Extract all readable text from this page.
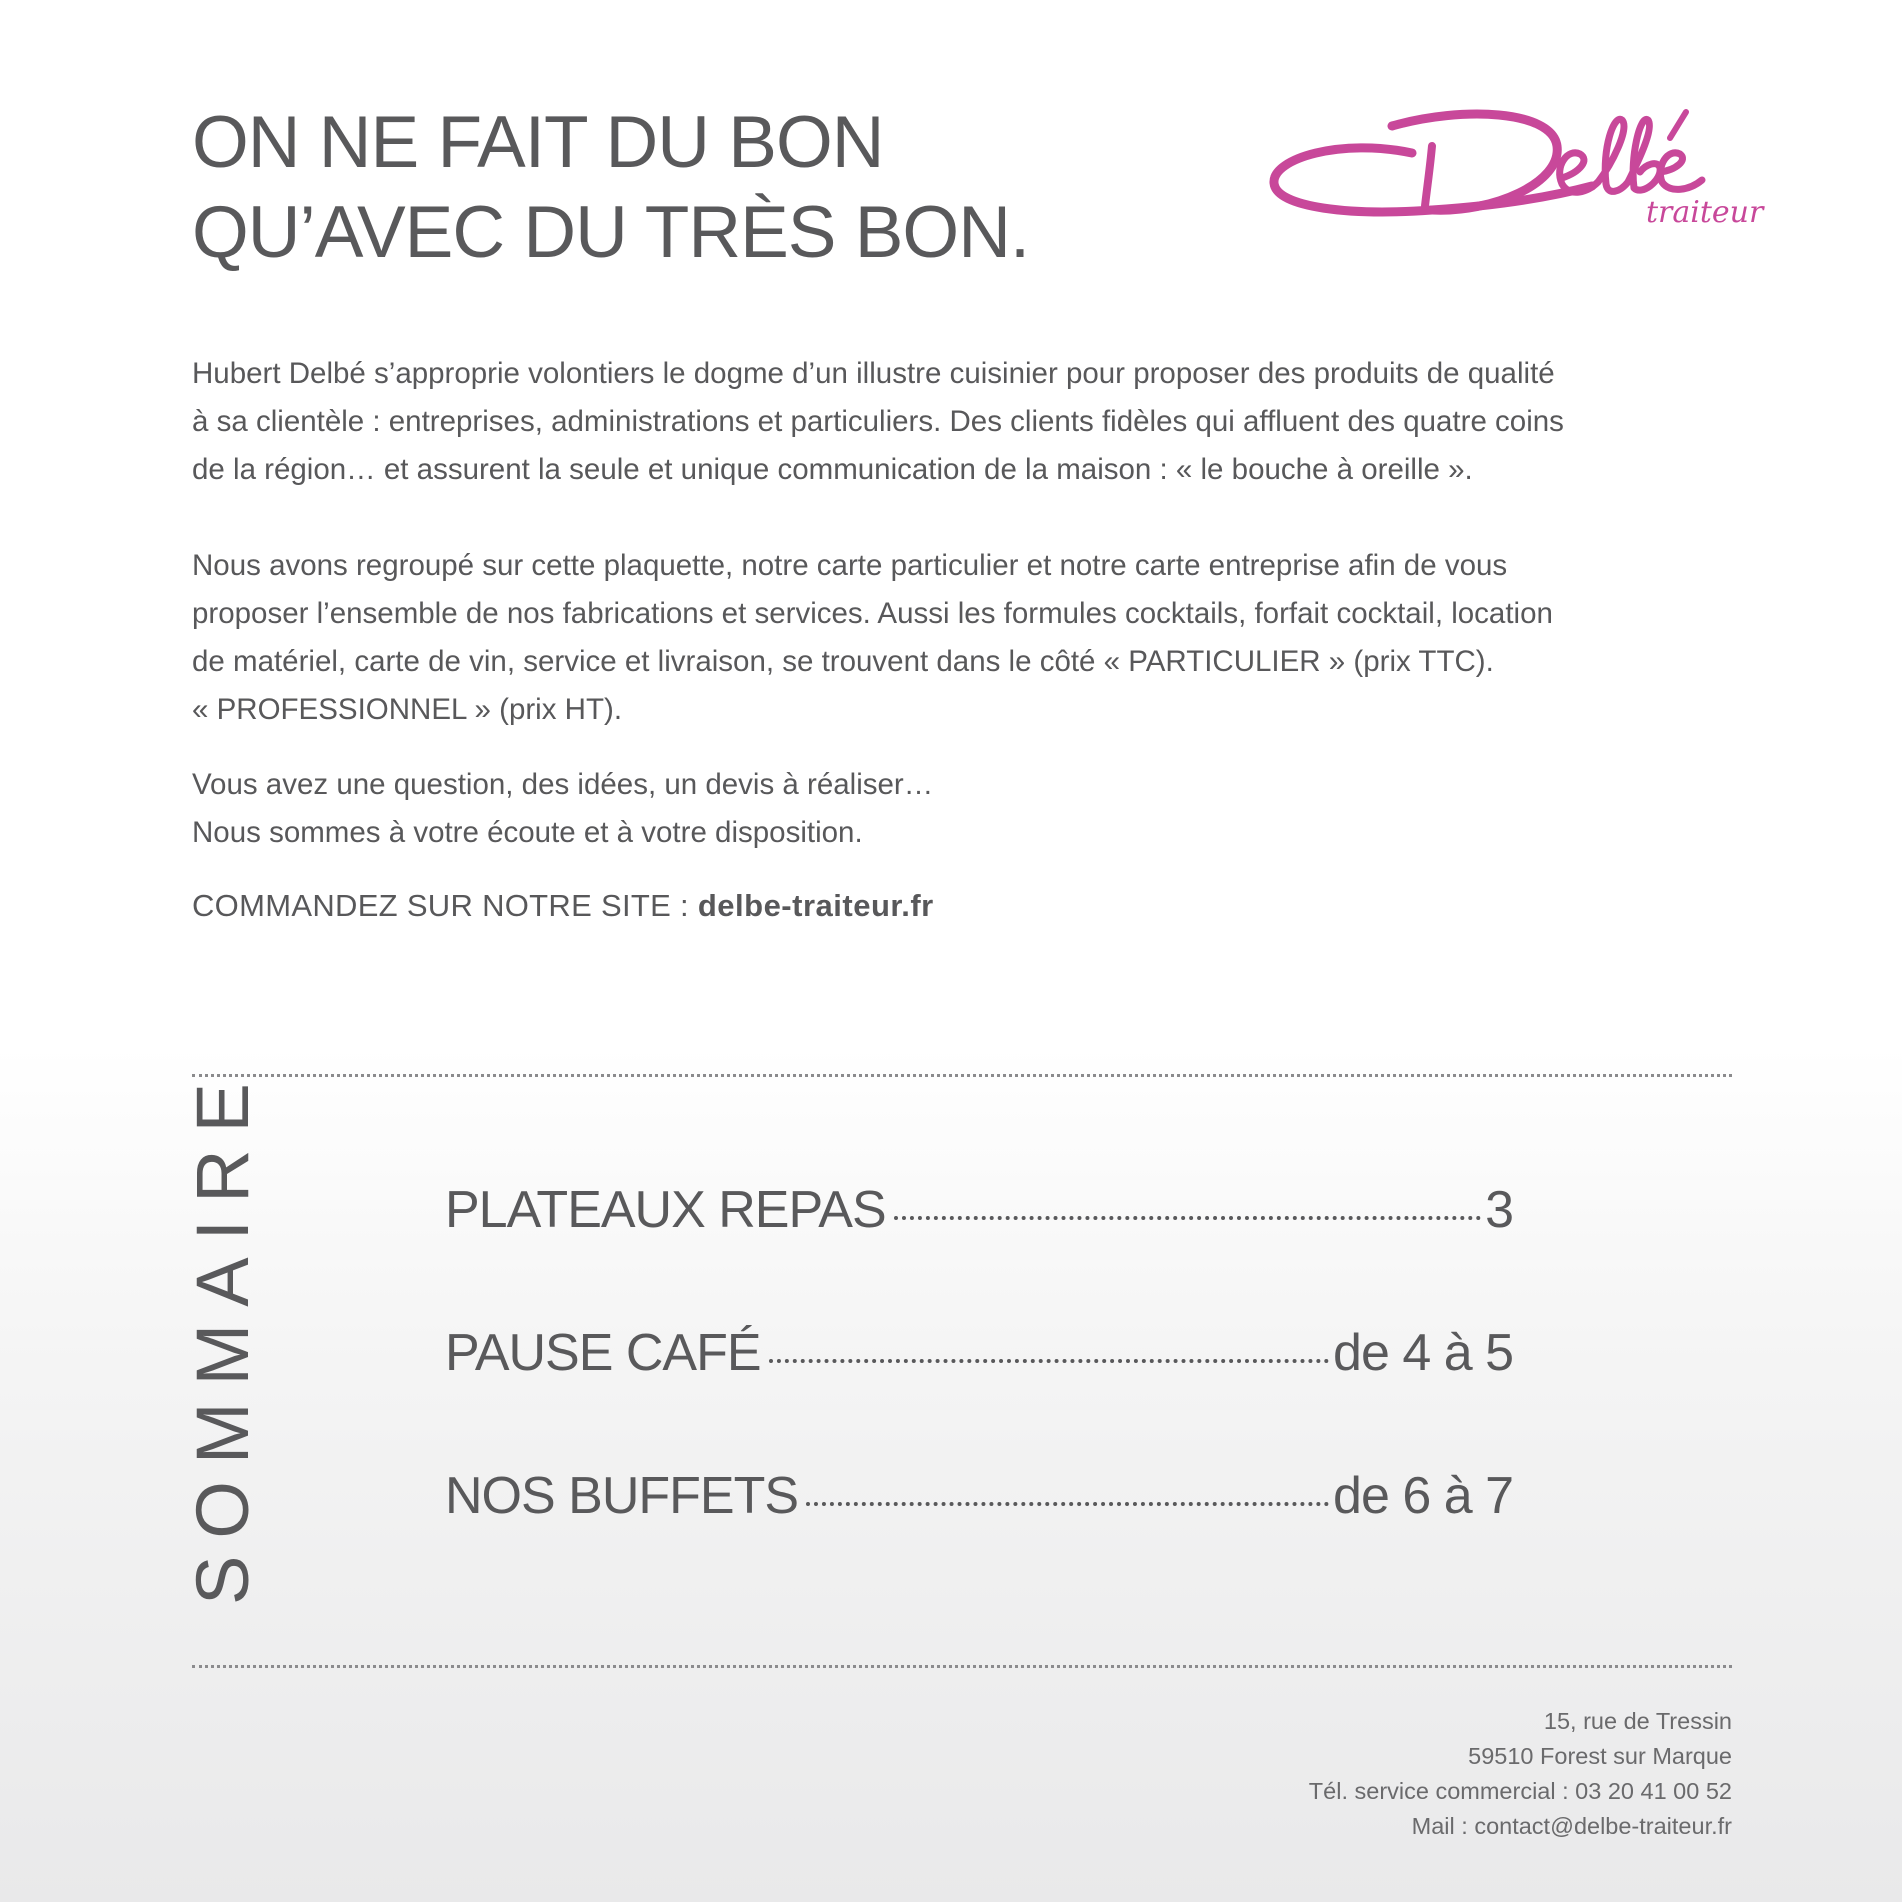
ON NE FAIT DU BON
QU’AVEC DU TRÈS BON.	traiteur

Hubert Delbé s’approprie volontiers le dogme d’un illustre cuisinier pour proposer des produits de qualité
à sa clientèle : entreprises, administrations et particuliers. Des clients fidèles qui affluent des quatre coins
de la région… et assurent la seule et unique communication de la maison : « le bouche à oreille ».

Nous avons regroupé sur cette plaquette, notre carte particulier et notre carte entreprise afin de vous
proposer l’ensemble de nos fabrications et services. Aussi les formules cocktails, forfait cocktail, location
de matériel, carte de vin, service et livraison, se trouvent dans le côté « PARTICULIER » (prix TTC).
« PROFESSIONNEL » (prix HT).

Vous avez une question, des idées, un devis à réaliser…
Nous sommes à votre écoute et à votre disposition.

COMMANDEZ SUR NOTRE SITE : delbe-traiteur.fr

SOMMAIRE	PLATEAUX REPAS	3
PAUSE CAFÉ	de 4 à 5
NOS BUFFETS	de 6 à 7
15, rue de Tressin
59510 Forest sur Marque
Tél. service commercial : 03 20 41 00 52
Mail : contact@delbe-traiteur.fr
